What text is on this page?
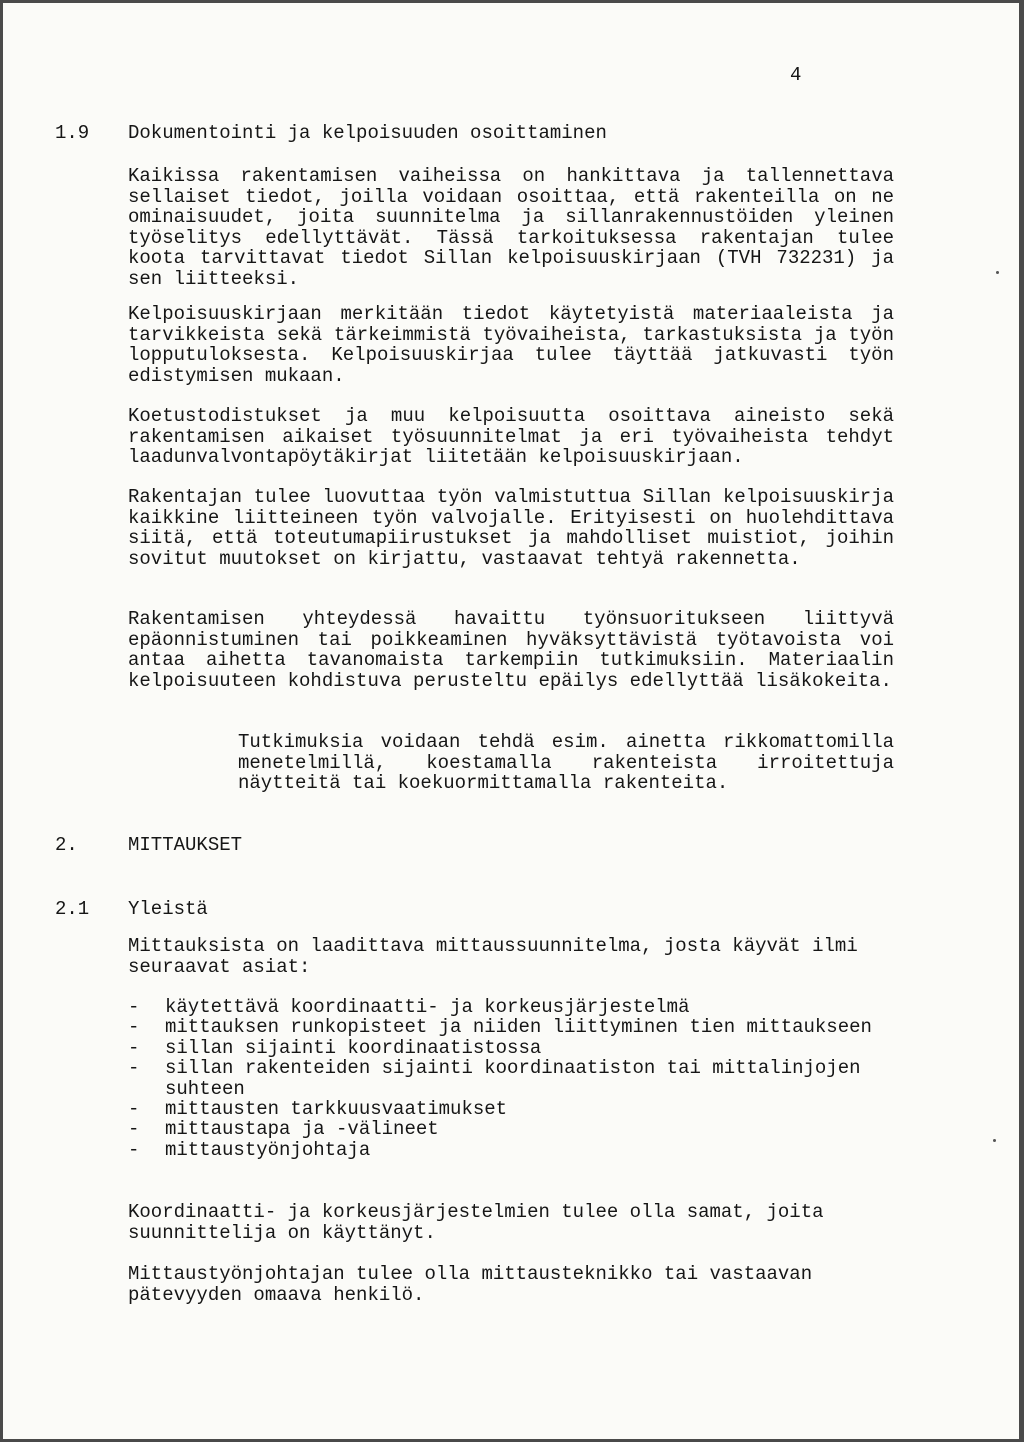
4

1.9

Dokumentointi ja kelpoisuuden osoittaminen

Kaikissa rakentamisen vaiheissa on hankittava ja tallennettava sellaiset tiedot, joilla voidaan osoittaa, että rakenteilla on ne ominaisuudet, joita suunnitelma ja sillanrakennustöiden yleinen työselitys edellyttävät. Tässä tarkoituksessa rakentajan tulee koota tarvittavat tiedot Sillan kelpoisuuskirjaan (TVH 732231) ja sen liitteeksi.

Kelpoisuuskirjaan merkitään tiedot käytetyistä materiaaleista ja tarvikkeista sekä tärkeimmistä työvaiheista, tarkastuksista ja työn lopputuloksesta. Kelpoisuuskirjaa tulee täyttää jatkuvasti työn edistymisen mukaan.

Koetustodistukset ja muu kelpoisuutta osoittava aineisto sekä rakentamisen aikaiset työsuunnitelmat ja eri työvaiheista tehdyt laadunvalvontapöytäkirjat liitetään kelpoisuuskirjaan.

Rakentajan tulee luovuttaa työn valmistuttua Sillan kelpoisuuskirja kaikkine liitteineen työn valvojalle. Erityisesti on huolehdittava siitä, että toteutumapiirustukset ja mahdolliset muistiot, joihin sovitut muutokset on kirjattu, vastaavat tehtyä rakennetta.

Rakentamisen yhteydessä havaittu työnsuoritukseen liittyvä epäonnistuminen tai poikkeaminen hyväksyttävistä työtavoista voi antaa aihetta tavanomaista tarkempiin tutkimuksiin. Materiaalin kelpoisuuteen kohdistuva perusteltu epäilys edellyttää lisäkokeita.

Tutkimuksia voidaan tehdä esim. ainetta rikkomattomilla menetelmillä, koestamalla rakenteista irroitettuja näytteitä tai koekuormittamalla rakenteita.

2.

	MITTAUKSET

2.1

Yleistä

Mittauksista on laadittava mittaussuunnitelma, josta käyvät ilmi seuraavat asiat:

- käytettävä koordinaatti- ja korkeusjärjestelmä
- mittauksen runkopisteet ja niiden liittyminen tien mittaukseen
- sillan sijainti koordinaatistossa
- sillan rakenteiden sijainti koordinaatiston tai mittalinjojen suhteen
- mittausten tarkkuusvaatimukset
- mittaustapa ja -välineet
- mittaustyönjohtaja

Koordinaatti- ja korkeusjärjestelmien tulee olla samat, joita suunnittelija on käyttänyt.

Mittaustyönjohtajan tulee olla mittausteknikko tai vastaavan pätevyyden omaava henkilö.
